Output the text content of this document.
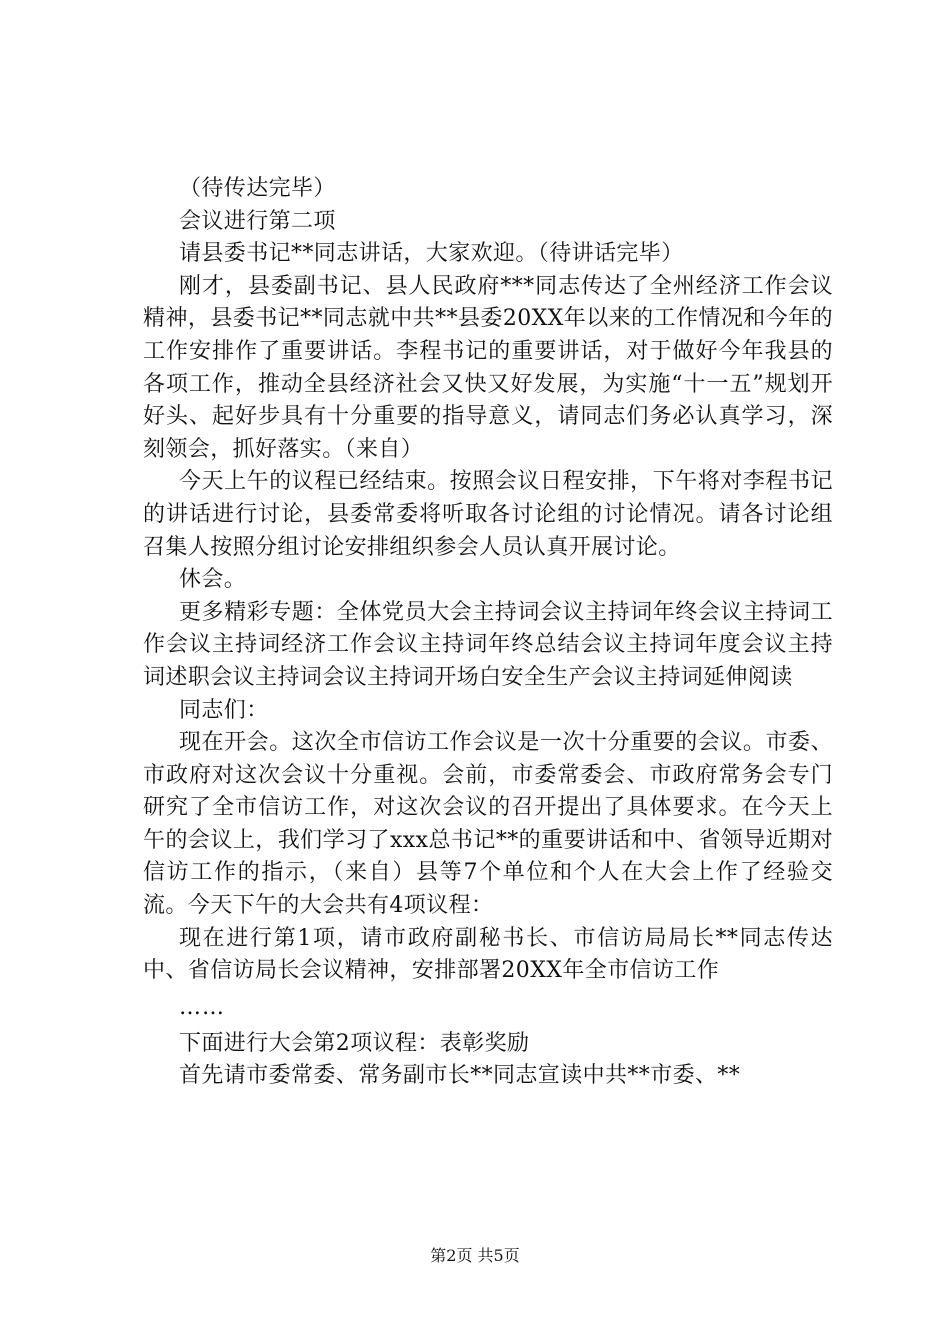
（待传达完毕）

会议进行第二项

请县委书记**同志讲话，大家欢迎。（待讲话完毕）

刚才，县委副书记、县人民政府***同志传达了全州经济工作会议精神，县委书记**同志就中共**县委20XX年以来的工作情况和今年的工作安排作了重要讲话。李程书记的重要讲话，对于做好今年我县的各项工作，推动全县经济社会又快又好发展，为实施“十一五”规划开好头、起好步具有十分重要的指导意义，请同志们务必认真学习，深刻领会，抓好落实。（来自）

今天上午的议程已经结束。按照会议日程安排，下午将对李程书记的讲话进行讨论，县委常委将听取各讨论组的讨论情况。请各讨论组召集人按照分组讨论安排组织参会人员认真开展讨论。

休会。

更多精彩专题：全体党员大会主持词会议主持词年终会议主持词工作会议主持词经济工作会议主持词年终总结会议主持词年度会议主持词述职会议主持词会议主持词开场白安全生产会议主持词延伸阅读

同志们：

现在开会。这次全市信访工作会议是一次十分重要的会议。市委、市政府对这次会议十分重视。会前，市委常委会、市政府常务会专门研究了全市信访工作，对这次会议的召开提出了具体要求。在今天上午的会议上，我们学习了xxx总书记**的重要讲话和中、省领导近期对信访工作的指示，（来自）县等7个单位和个人在大会上作了经验交流。今天下午的大会共有4项议程：

现在进行第1项，请市政府副秘书长、市信访局局长**同志传达中、省信访局长会议精神，安排部署20XX年全市信访工作

……

下面进行大会第2项议程：表彰奖励

首先请市委常委、常务副市长**同志宣读中共**市委、**

第2页 共5页
